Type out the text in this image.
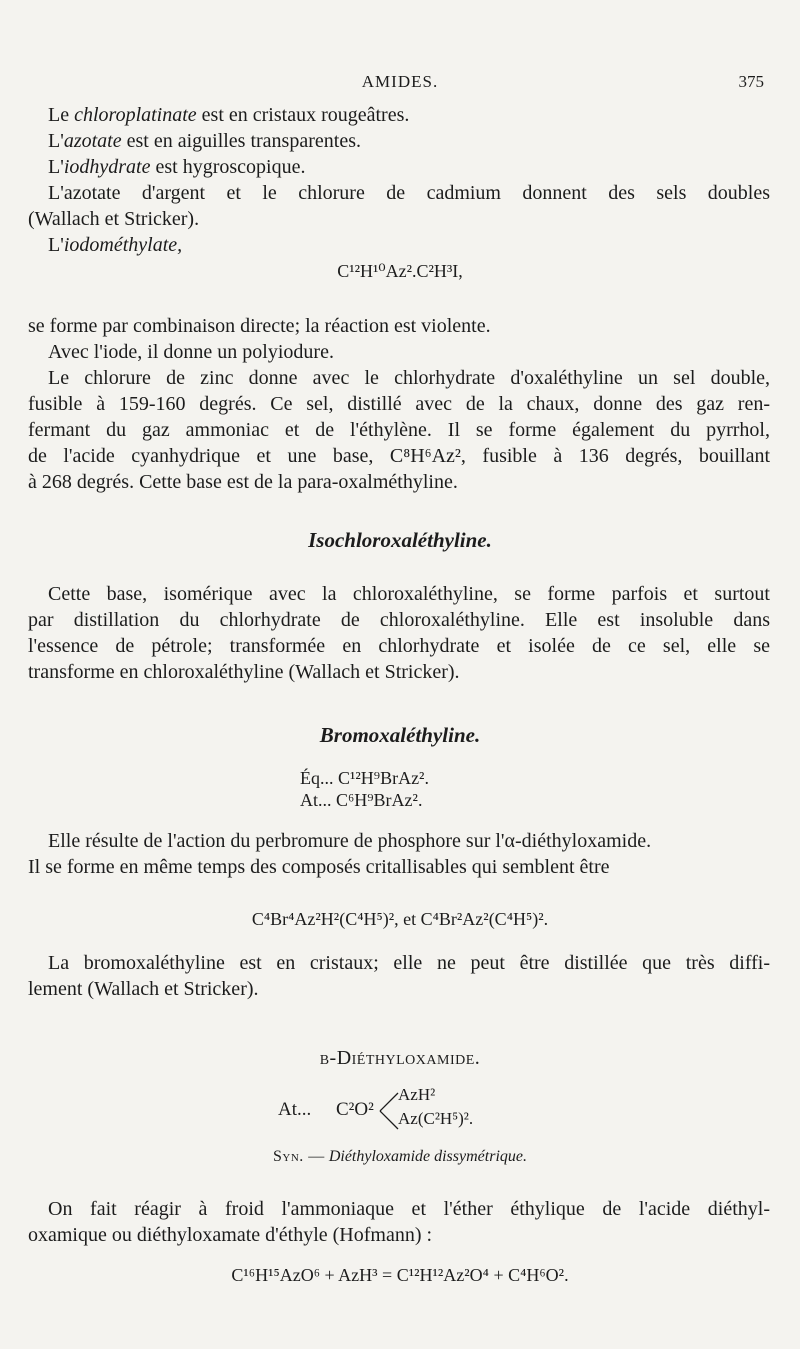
AMIDES.	375
Le chloroplatinate est en cristaux rougeâtres.
L'azotate est en aiguilles transparentes.
L'iodhydrate est hygroscopique.
L'azotate d'argent et le chlorure de cadmium donnent des sels doubles
(Wallach et Stricker).
L'iodométhylate,
C¹²H¹⁰Az².C²H³I,
se forme par combinaison directe; la réaction est violente.
Avec l'iode, il donne un polyiodure.
Le chlorure de zinc donne avec le chlorhydrate d'oxaléthyline un sel double,
fusible à 159-160 degrés. Ce sel, distillé avec de la chaux, donne des gaz ren-
fermant du gaz ammoniac et de l'éthylène. Il se forme également du pyrrhol,
de l'acide cyanhydrique et une base, C⁸H⁶Az², fusible à 136 degrés, bouillant
à 268 degrés. Cette base est de la para-oxalméthyline.
Isochloroxaléthyline.
Cette base, isomérique avec la chloroxaléthyline, se forme parfois et surtout
par distillation du chlorhydrate de chloroxaléthyline. Elle est insoluble dans
l'essence de pétrole; transformée en chlorhydrate et isolée de ce sel, elle se
transforme en chloroxaléthyline (Wallach et Stricker).
Bromoxaléthyline.
Éq... C¹²H⁹BrAz².
At... C⁶H⁹BrAz².
Elle résulte de l'action du perbromure de phosphore sur l'α-diéthyloxamide.
Il se forme en même temps des composés critallisables qui semblent être
C⁴Br⁴Az²H²(C⁴H⁵)², et C⁴Br²Az²(C⁴H⁵)².
La bromoxaléthyline est en cristaux; elle ne peut être distillée que très diffi-
lement (Wallach et Stricker).
β-Diéthyloxamide.
At... C²O²
AzH²
Az(C²H⁵)².
Syn. — Diéthyloxamide dissymétrique.
On fait réagir à froid l'ammoniaque et l'éther éthylique de l'acide diéthyl-
oxamique ou diéthyloxamate d'éthyle (Hofmann) :
C¹⁶H¹⁵AzO⁶ + AzH³ = C¹²H¹²Az²O⁴ + C⁴H⁶O².
